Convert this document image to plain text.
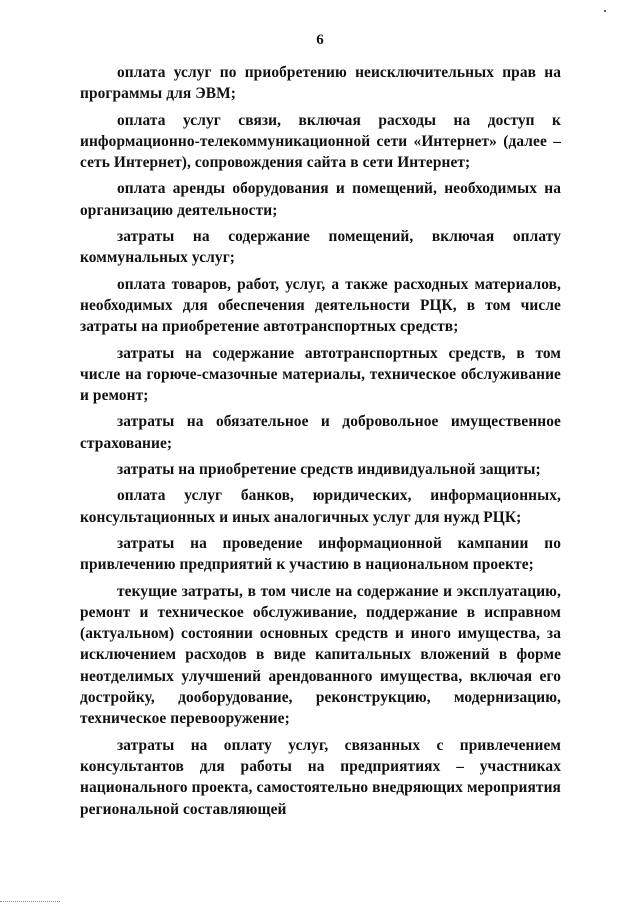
6

оплата услуг по приобретению неисключительных прав на программы для ЭВМ;

оплата услуг связи, включая расходы на доступ к информационно-телекоммуникационной сети «Интернет» (далее – сеть Интернет), сопровождения сайта в сети Интернет;

оплата аренды оборудования и помещений, необходимых на организацию деятельности;

затраты на содержание помещений, включая оплату коммунальных услуг;

оплата товаров, работ, услуг, а также расходных материалов, необходимых для обеспечения деятельности РЦК, в том числе затраты на приобретение автотранспортных средств;

затраты на содержание автотранспортных средств, в том числе на горюче-смазочные материалы, техническое обслуживание и ремонт;

затраты на обязательное и добровольное имущественное страхование;

затраты на приобретение средств индивидуальной защиты;

оплата услуг банков, юридических, информационных, консультационных и иных аналогичных услуг для нужд РЦК;

затраты на проведение информационной кампании по привлечению предприятий к участию в национальном проекте;

текущие затраты, в том числе на содержание и эксплуатацию, ремонт и техническое обслуживание, поддержание в исправном (актуальном) состоянии основных средств и иного имущества, за исключением расходов в виде капитальных вложений в форме неотделимых улучшений арендованного имущества, включая его достройку, дооборудование, реконструкцию, модернизацию, техническое перевооружение;

затраты на оплату услуг, связанных с привлечением консультантов для работы на предприятиях – участниках национального проекта, самостоятельно внедряющих мероприятия региональной составляющей
